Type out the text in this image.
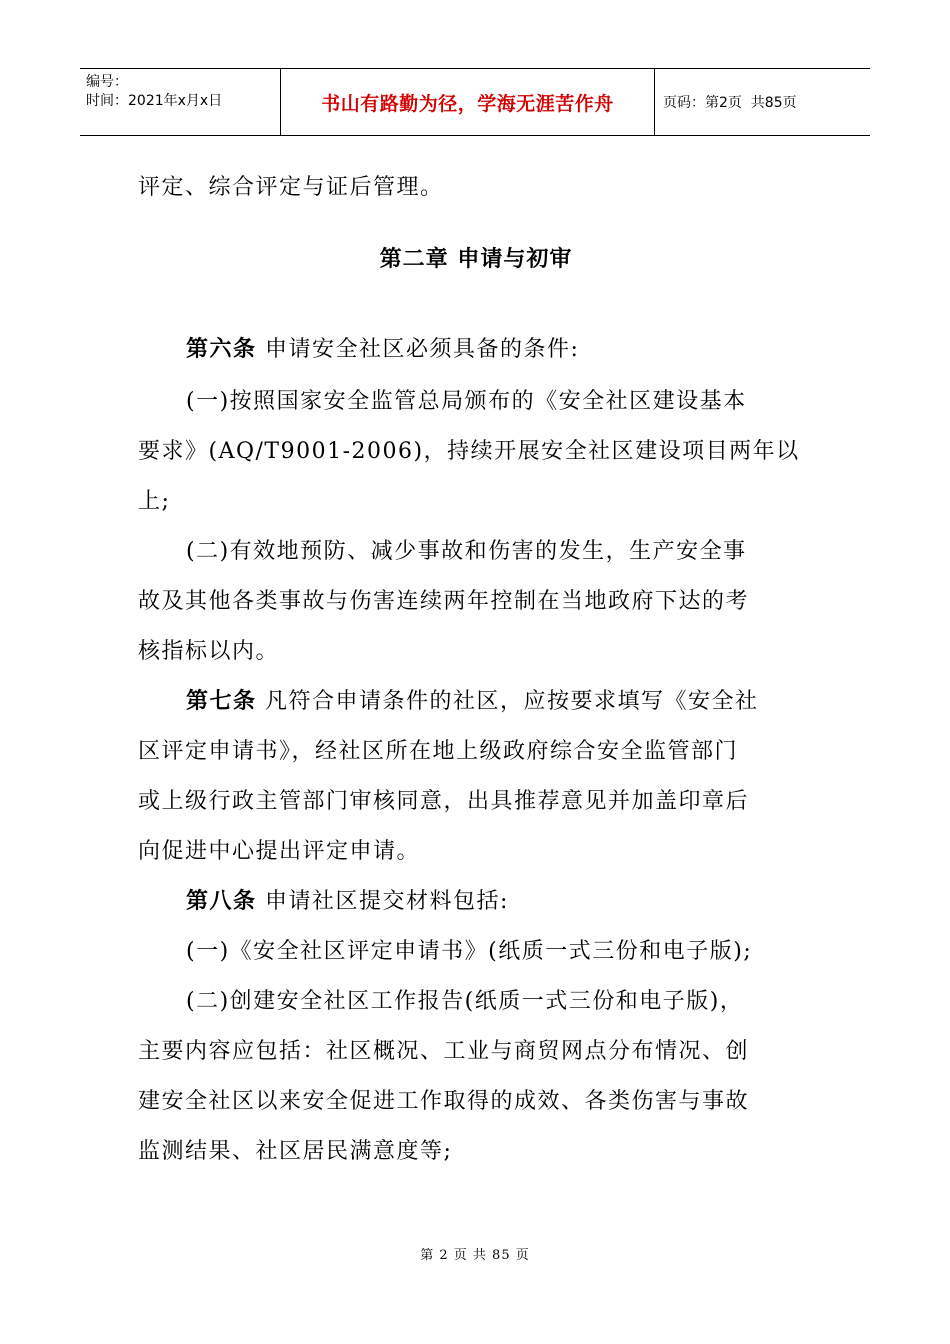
编号：
时间：2021年x月x日	书山有路勤为径，学海无涯苦作舟	页码：第2页  共85页
评定、综合评定与证后管理。
第二章 申请与初审
第六条 申请安全社区必须具备的条件:
(一)按照国家安全监管总局颁布的《安全社区建设基本
要求》(AQ/T9001-2006)，持续开展安全社区建设项目两年以
上;
(二)有效地预防、减少事故和伤害的发生，生产安全事
故及其他各类事故与伤害连续两年控制在当地政府下达的考
核指标以内。
第七条 凡符合申请条件的社区，应按要求填写《安全社
区评定申请书》，经社区所在地上级政府综合安全监管部门
或上级行政主管部门审核同意，出具推荐意见并加盖印章后
向促进中心提出评定申请。
第八条 申请社区提交材料包括:
(一)《安全社区评定申请书》(纸质一式三份和电子版);
(二)创建安全社区工作报告(纸质一式三份和电子版)，
主要内容应包括：社区概况、工业与商贸网点分布情况、创
建安全社区以来安全促进工作取得的成效、各类伤害与事故
监测结果、社区居民满意度等;
第 2 页 共 85 页
